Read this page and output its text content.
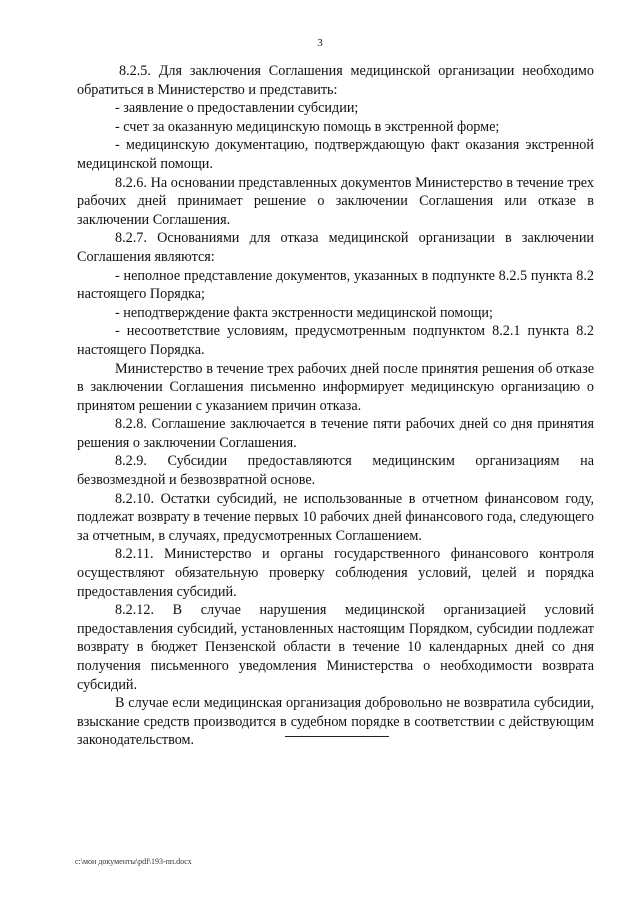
3

8.2.5. Для заключения Соглашения медицинской организации необходимо обратиться в Министерство и представить:

- заявление о предоставлении субсидии;

- счет за оказанную медицинскую помощь в экстренной форме;

- медицинскую документацию, подтверждающую факт оказания экстренной медицинской помощи.

8.2.6. На основании представленных документов Министерство в течение трех рабочих дней принимает решение о заключении Соглашения или отказе в заключении Соглашения.

8.2.7. Основаниями для отказа медицинской организации в заключении Соглашения являются:

- неполное представление документов, указанных в подпункте 8.2.5 пункта 8.2 настоящего Порядка;

- неподтверждение факта экстренности медицинской помощи;

- несоответствие условиям, предусмотренным подпунктом 8.2.1 пункта 8.2 настоящего Порядка.

Министерство в течение трех рабочих дней после принятия решения об отказе в заключении Соглашения письменно информирует медицинскую организацию о принятом решении с указанием причин отказа.

8.2.8. Соглашение заключается в течение пяти рабочих дней со дня принятия решения о заключении Соглашения.

8.2.9. Субсидии предоставляются медицинским организациям на безвозмездной и безвозвратной основе.

8.2.10. Остатки субсидий, не использованные в отчетном финансовом году, подлежат возврату в течение первых 10 рабочих дней финансового года, следующего за отчетным, в случаях, предусмотренных Соглашением.

8.2.11. Министерство и органы государственного финансового контроля осуществляют обязательную проверку соблюдения условий, целей и порядка предоставления субсидий.

8.2.12. В случае нарушения медицинской организацией условий предоставления субсидий, установленных настоящим Порядком, субсидии подлежат возврату в бюджет Пензенской области в течение 10 календарных дней со дня получения письменного уведомления Министерства о необходимости возврата субсидий.

В случае если медицинская организация добровольно не возвратила субсидии, взыскание средств производится в судебном порядке в соответствии с действующим законодательством.

c:\мои документы\pdf\193-пп.docx
